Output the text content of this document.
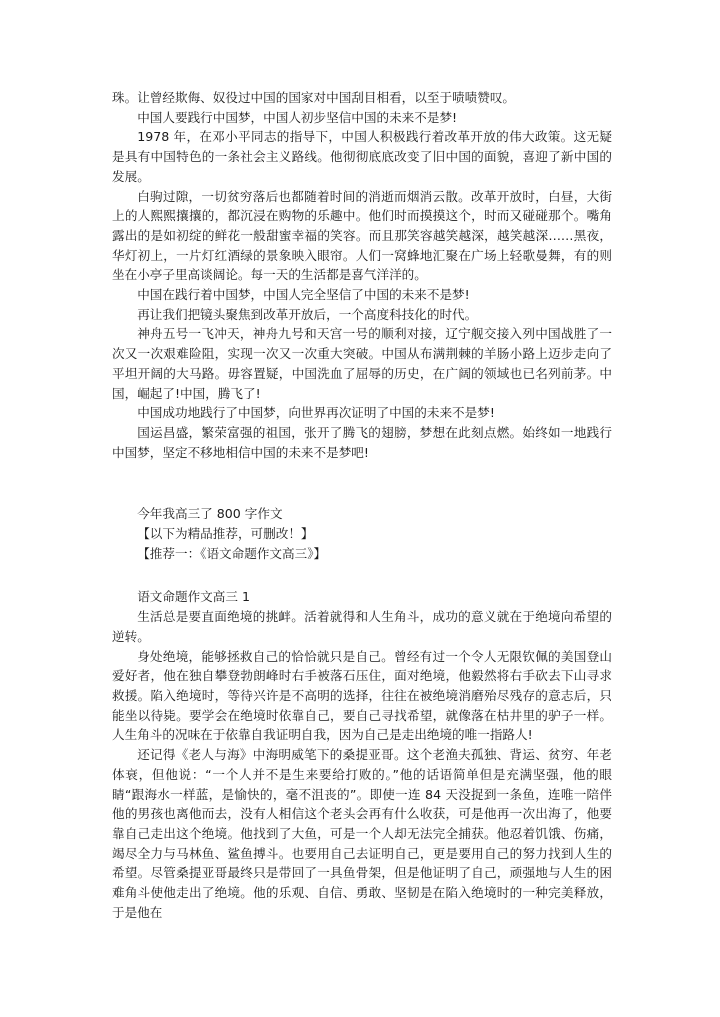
珠。让曾经欺侮、奴役过中国的国家对中国刮目相看，以至于啧啧赞叹。

中国人要践行中国梦，中国人初步坚信中国的未来不是梦!

1978 年，在邓小平同志的指导下，中国人积极践行着改革开放的伟大政策。这无疑是具有中国特色的一条社会主义路线。他彻彻底底改变了旧中国的面貌，喜迎了新中国的发展。

白驹过隙，一切贫穷落后也都随着时间的消逝而烟消云散。改革开放时，白昼，大街上的人熙熙攘攘的，都沉浸在购物的乐趣中。他们时而摸摸这个，时而又碰碰那个。嘴角露出的是如初绽的鲜花一般甜蜜幸福的笑容。而且那笑容越笑越深，越笑越深……黑夜，华灯初上，一片灯红酒绿的景象映入眼帘。人们一窝蜂地汇聚在广场上轻歌曼舞，有的则坐在小亭子里高谈阔论。每一天的生活都是喜气洋洋的。

中国在践行着中国梦，中国人完全坚信了中国的未来不是梦!

再让我们把镜头聚焦到改革开放后，一个高度科技化的时代。

神舟五号一飞冲天，神舟九号和天宫一号的顺利对接，辽宁舰交接入列中国战胜了一次又一次艰难险阻，实现一次又一次重大突破。中国从布满荆棘的羊肠小路上迈步走向了平坦开阔的大马路。毋容置疑，中国洗血了屈辱的历史，在广阔的领域也已名列前茅。中国，崛起了!中国，腾飞了!

中国成功地践行了中国梦，向世界再次证明了中国的未来不是梦!

国运昌盛，繁荣富强的祖国，张开了腾飞的翅膀，梦想在此刻点燃。始终如一地践行中国梦，坚定不移地相信中国的未来不是梦吧!

今年我高三了 800 字作文

【以下为精品推荐，可删改！】

【推荐一：《语文命题作文高三》】

语文命题作文高三 1

生活总是要直面绝境的挑衅。活着就得和人生角斗，成功的意义就在于绝境向希望的逆转。

身处绝境，能够拯救自己的恰恰就只是自己。曾经有过一个令人无限钦佩的美国登山爱好者，他在独自攀登勃朗峰时右手被落石压住，面对绝境，他毅然将右手砍去下山寻求救援。陷入绝境时，等待兴许是不高明的选择，往往在被绝境消磨殆尽残存的意志后，只能坐以待毙。要学会在绝境时依靠自己，要自己寻找希望，就像落在枯井里的驴子一样。人生角斗的况味在于依靠自我证明自我，因为自己是走出绝境的唯一指路人!

还记得《老人与海》中海明威笔下的桑提亚哥。这个老渔夫孤独、背运、贫穷、年老体衰，但他说：“一个人并不是生来要给打败的。”他的话语简单但是充满坚强，他的眼睛“跟海水一样蓝，是愉快的，毫不沮丧的”。即使一连 84 天没捉到一条鱼，连唯一陪伴他的男孩也离他而去，没有人相信这个老头会再有什么收获，可是他再一次出海了，他要靠自己走出这个绝境。他找到了大鱼，可是一个人却无法完全捕获。他忍着饥饿、伤痛，竭尽全力与马林鱼、鲨鱼搏斗。也要用自己去证明自己，更是要用自己的努力找到人生的希望。尽管桑提亚哥最终只是带回了一具鱼骨架，但是他证明了自己，顽强地与人生的困难角斗使他走出了绝境。他的乐观、自信、勇敢、坚韧是在陷入绝境时的一种完美释放，于是他在
